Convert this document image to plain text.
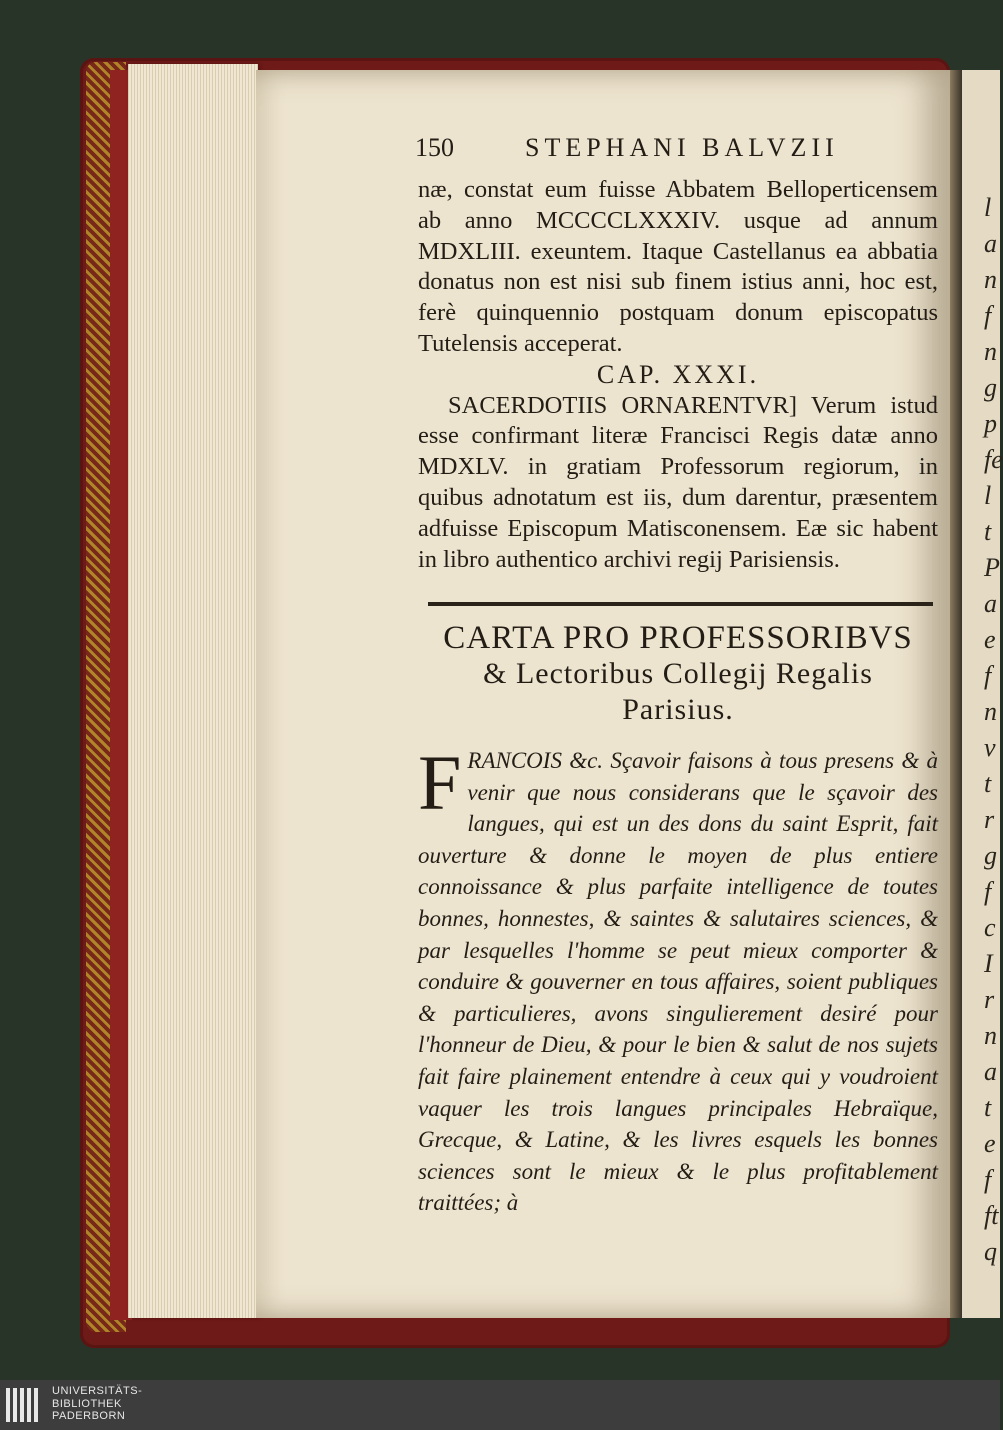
l
a
n
f
n
g
p
fe
l
t
P
a
e
f
n
v
t
r
g
f
c
I
r
n
a
t
e
f
ft
q
150	STEPHANI BALVZII

næ, constat eum fuisse Abbatem Belloperticensem ab anno MCCCCLXXXIV. usque ad annum MDXLIII. exeuntem. Itaque Castellanus ea abbatia donatus non est nisi sub finem istius anni, hoc est, ferè quinquennio postquam donum episcopatus Tutelensis acceperat.

CAP. XXXI.

SACERDOTIIS ORNARENTVR] Verum istud esse confirmant literæ Francisci Regis datæ anno MDXLV. in gratiam Professorum regiorum, in quibus adnotatum est iis, dum darentur, præsentem adfuisse Episcopum Matisconensem. Eæ sic habent in libro authentico archivi regij Parisiensis.

CARTA PRO PROFESSORIBVS
& Lectoribus Collegij Regalis
Parisius.
F RANCOIS &c. Sçavoir faisons à tous presens & à venir que nous considerans que le sçavoir des langues, qui est un des dons du saint Esprit, fait ouverture & donne le moyen de plus entiere connoissance & plus parfaite intelligence de toutes bonnes, honnestes, & saintes & salutaires sciences, & par lesquelles l'homme se peut mieux comporter & conduire & gouverner en tous affaires, soient publiques & particulieres, avons singulierement desiré pour l'honneur de Dieu, & pour le bien & salut de nos sujets fait faire plainement entendre à ceux qui y voudroient vaquer les trois langues principales Hebraïque, Grecque, & Latine, & les livres esquels les bonnes sciences sont le mieux & le plus profitablement traittées; à
UNIVERSITÄTS-
BIBLIOTHEK
PADERBORN
